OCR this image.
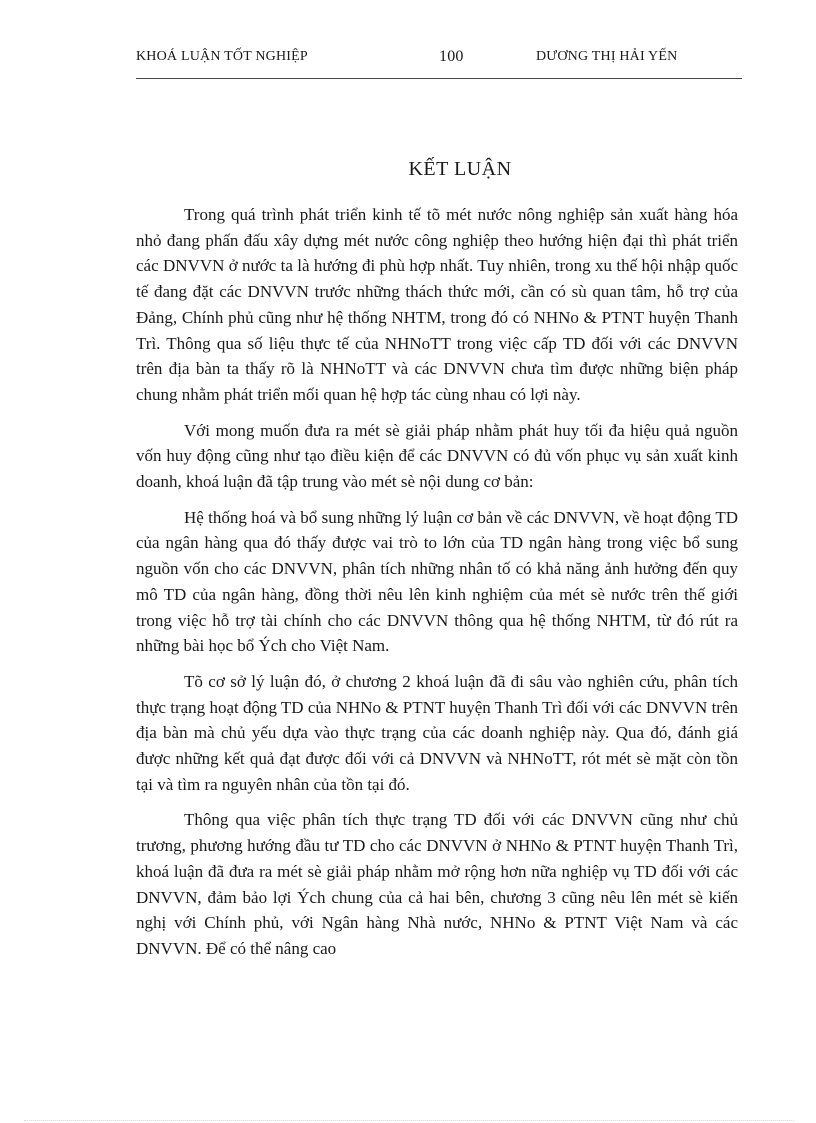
KHOÁ LUẬN TỐT NGHIỆP	100	DƯƠNG THỊ HẢI YẾN
KẾT LUẬN

Trong quá trình phát triển kinh tế tõ mét nước nông nghiệp sản xuất hàng hóa nhỏ đang phấn đấu xây dựng mét nước công nghiệp theo hướng hiện đại thì phát triển các DNVVN ở nước ta là hướng đi phù hợp nhất. Tuy nhiên, trong xu thế hội nhập quốc tế đang đặt các DNVVN trước những thách thức mới, cần có sù quan tâm, hỗ trợ của Đảng, Chính phủ cũng như hệ thống NHTM, trong đó có NHNo & PTNT huyện Thanh Trì. Thông qua số liệu thực tế của NHNoTT trong việc cấp TD đối với các DNVVN trên địa bàn ta thấy rõ là NHNoTT và các DNVVN chưa tìm được những biện pháp chung nhằm phát triển mối quan hệ hợp tác cùng nhau có lợi này.

Với mong muốn đưa ra mét sè giải pháp nhằm phát huy tối đa hiệu quả nguồn vốn huy động cũng như tạo điều kiện để các DNVVN có đủ vốn phục vụ sản xuất kinh doanh, khoá luận đã tập trung vào mét sè nội dung cơ bản:

Hệ thống hoá và bổ sung những lý luận cơ bản về các DNVVN, về hoạt động TD của ngân hàng qua đó thấy được vai trò to lớn của TD ngân hàng trong việc bổ sung nguồn vốn cho các DNVVN, phân tích những nhân tố có khả năng ảnh hưởng đến quy mô TD của ngân hàng, đồng thời nêu lên kinh nghiệm của mét sè nước trên thế giới trong việc hỗ trợ tài chính cho các DNVVN thông qua hệ thống NHTM, từ đó rút ra những bài học bổ Ých cho Việt Nam.

Tõ cơ sở lý luận đó, ở chương 2 khoá luận đã đi sâu vào nghiên cứu, phân tích thực trạng hoạt động TD của NHNo & PTNT huyện Thanh Trì đối với các DNVVN trên địa bàn mà chủ yếu dựa vào thực trạng của các doanh nghiệp này. Qua đó, đánh giá được những kết quả đạt được đối với cả DNVVN và NHNoTT, rót mét sè mặt còn tồn tại và tìm ra nguyên nhân của tồn tại đó.

Thông qua việc phân tích thực trạng TD đối với các DNVVN cũng như chủ trương, phương hướng đầu tư TD cho các DNVVN ở NHNo & PTNT huyện Thanh Trì, khoá luận đã đưa ra mét sè giải pháp nhằm mở rộng hơn nữa nghiệp vụ TD đối với các DNVVN, đảm bảo lợi Ých chung của cả hai bên, chương 3 cũng nêu lên mét sè kiến nghị với Chính phủ, với Ngân hàng Nhà nước, NHNo & PTNT Việt Nam và các DNVVN. Để có thể nâng cao
